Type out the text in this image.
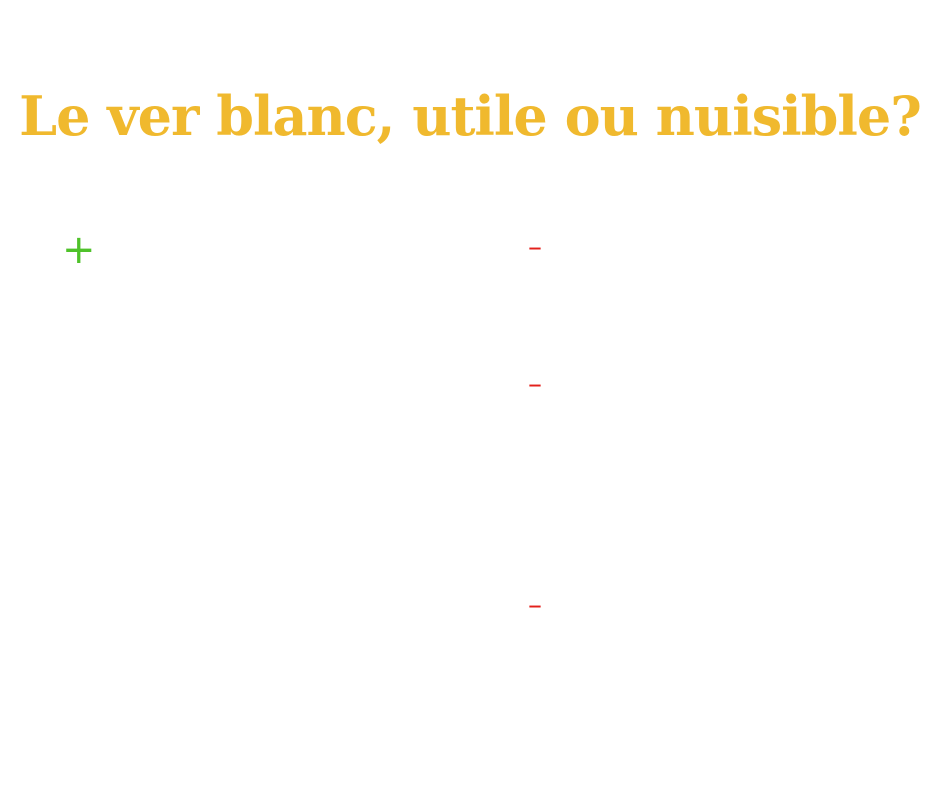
Le ver blanc, utile ou nuisible?
+	–
–
–
